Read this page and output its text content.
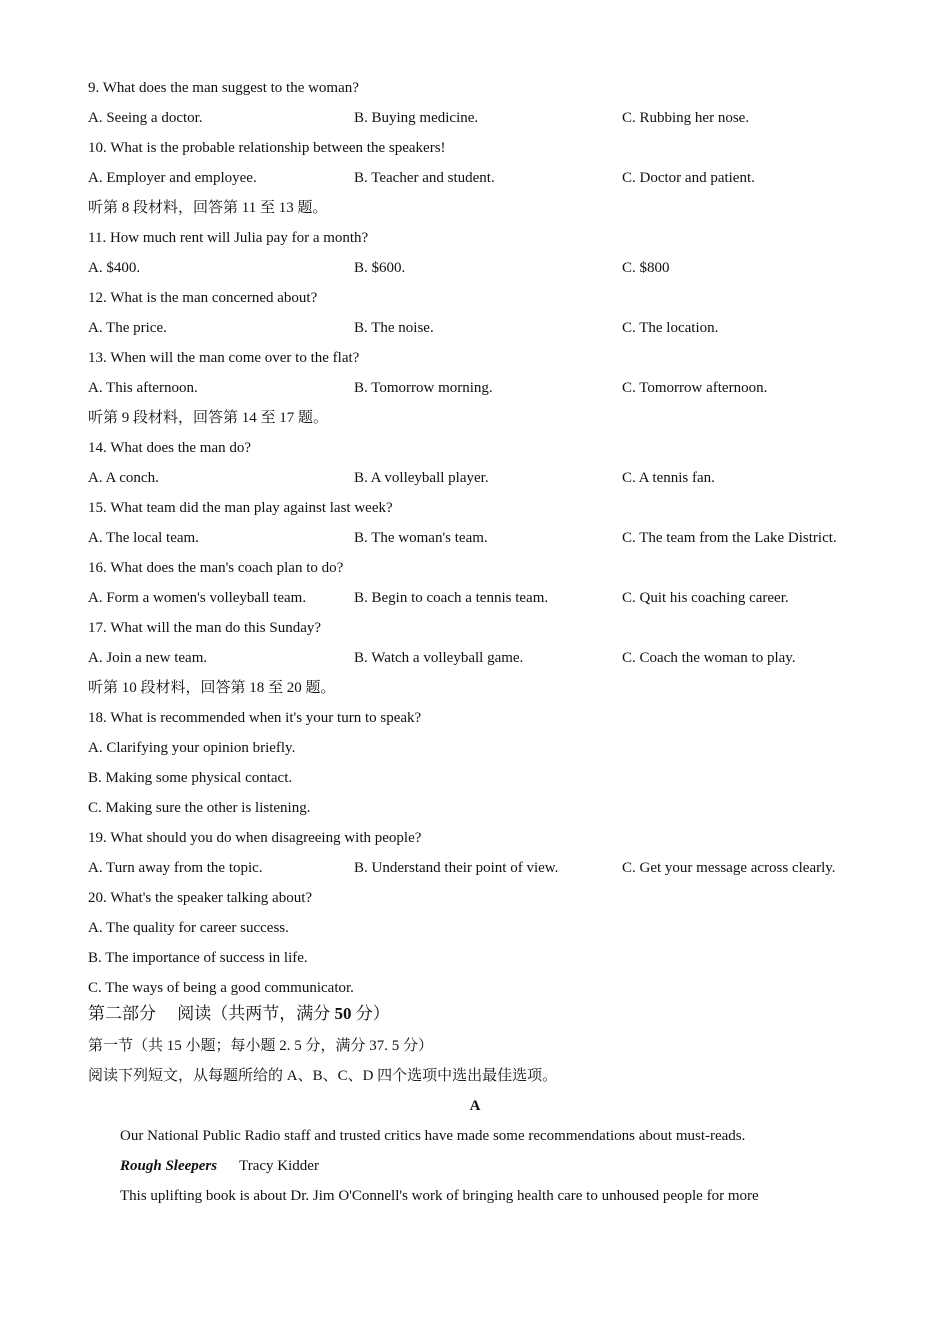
9. What does the man suggest to the woman?
A. Seeing a doctor.	B. Buying medicine.	C. Rubbing her nose.
10. What is the probable relationship between the speakers!
A. Employer and employee.	B. Teacher and student.	C. Doctor and patient.
听第 8 段材料，回答第 11 至 13 题。
11. How much rent will Julia pay for a month?
A. $400.	B. $600.	C. $800
12. What is the man concerned about?
A. The price.	B. The noise.	C. The location.
13. When will the man come over to the flat?
A. This afternoon.	B. Tomorrow morning.	C. Tomorrow afternoon.
听第 9 段材料，回答第 14 至 17 题。
14. What does the man do?
A. A conch.	B. A volleyball player.	C. A tennis fan.
15. What team did the man play against last week?
A. The local team.	B. The woman's team.	C. The team from the Lake District.
16. What does the man's coach plan to do?
A. Form a women's volleyball team.	B. Begin to coach a tennis team.	C. Quit his coaching career.
17. What will the man do this Sunday?
A. Join a new team.	B. Watch a volleyball game.	C. Coach the woman to play.
听第 10 段材料，回答第 18 至 20 题。
18. What is recommended when it's your turn to speak?
A. Clarifying your opinion briefly.
B. Making some physical contact.
C. Making sure the other is listening.
19. What should you do when disagreeing with people?
A. Turn away from the topic.	B. Understand their point of view.	C. Get your message across clearly.
20. What's the speaker talking about?
A. The quality for career success.
B. The importance of success in life.
C. The ways of being a good communicator.
第二部分　 阅读（共两节，满分 50 分）
第一节（共 15 小题；每小题 2. 5 分，满分 37. 5 分）
阅读下列短文，从每题所给的 A、B、C、D 四个选项中选出最佳选项。
A
Our National Public Radio staff and trusted critics have made some recommendations about must-reads.
Rough Sleepers Tracy Kidder
This uplifting book is about Dr. Jim O'Connell's work of bringing health care to unhoused people for more
